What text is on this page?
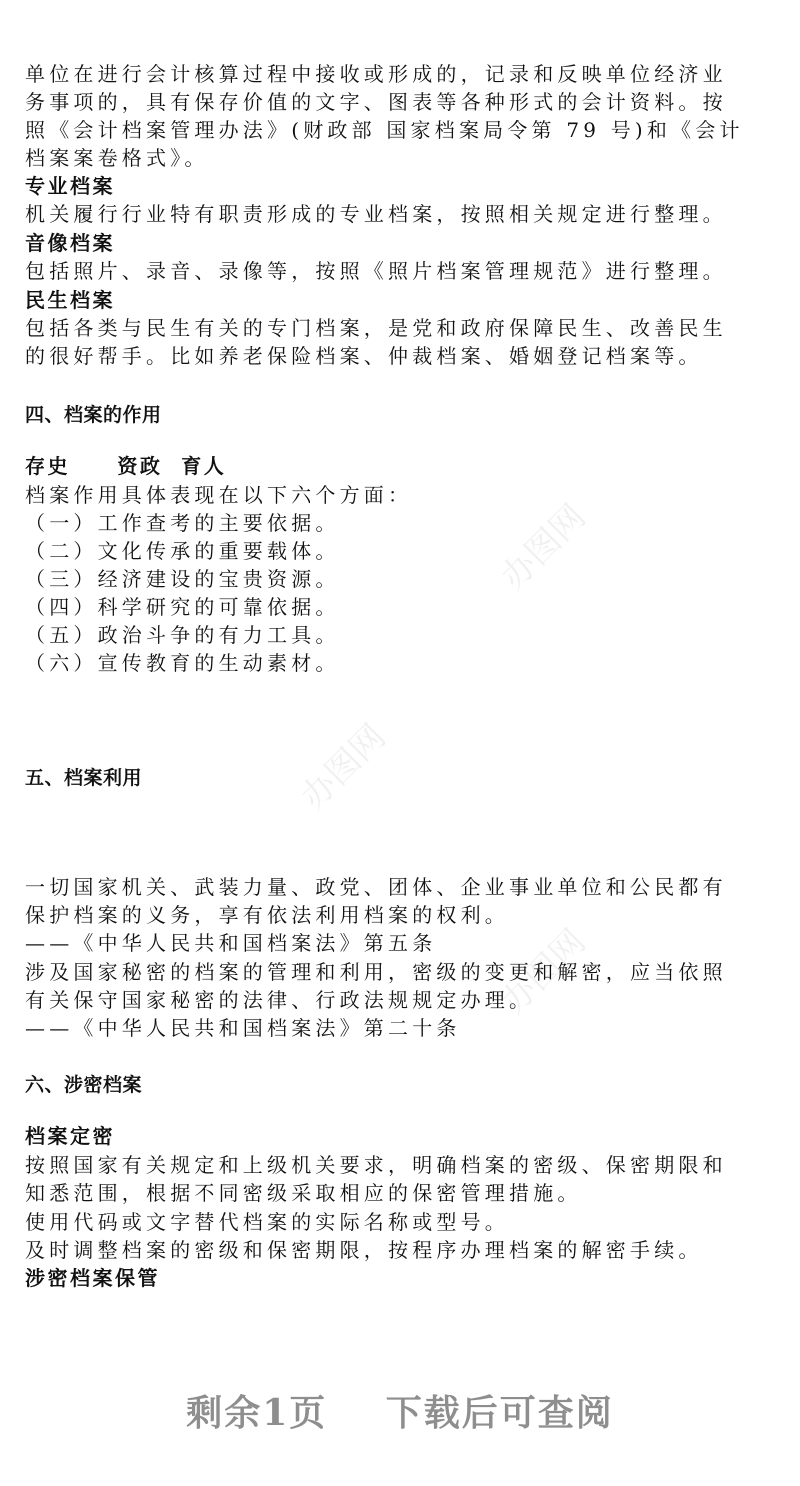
办图网
办图网
办图网
单位在进行会计核算过程中接收或形成的，记录和反映单位经济业
务事项的，具有保存价值的文字、图表等各种形式的会计资料。按
照《会计档案管理办法》(财政部 国家档案局令第 79 号)和《会计
档案案卷格式》。
专业档案
机关履行行业特有职责形成的专业档案，按照相关规定进行整理。
音像档案
包括照片、录音、录像等，按照《照片档案管理规范》进行整理。
民生档案
包括各类与民生有关的专门档案，是党和政府保障民生、改善民生
的很好帮手。比如养老保险档案、仲裁档案、婚姻登记档案等。
四、档案的作用
存史     资政  育人
档案作用具体表现在以下六个方面：
（一）工作查考的主要依据。
（二）文化传承的重要载体。
（三）经济建设的宝贵资源。
（四）科学研究的可靠依据。
（五）政治斗争的有力工具。
（六）宣传教育的生动素材。
五、档案利用
一切国家机关、武装力量、政党、团体、企业事业单位和公民都有
保护档案的义务，享有依法利用档案的权利。
——《中华人民共和国档案法》第五条
涉及国家秘密的档案的管理和利用，密级的变更和解密，应当依照
有关保守国家秘密的法律、行政法规规定办理。
——《中华人民共和国档案法》第二十条
六、涉密档案
档案定密
按照国家有关规定和上级机关要求，明确档案的密级、保密期限和
知悉范围，根据不同密级采取相应的保密管理措施。
使用代码或文字替代档案的实际名称或型号。
及时调整档案的密级和保密期限，按程序办理档案的解密手续。
涉密档案保管
剩余1页 下载后可查阅
